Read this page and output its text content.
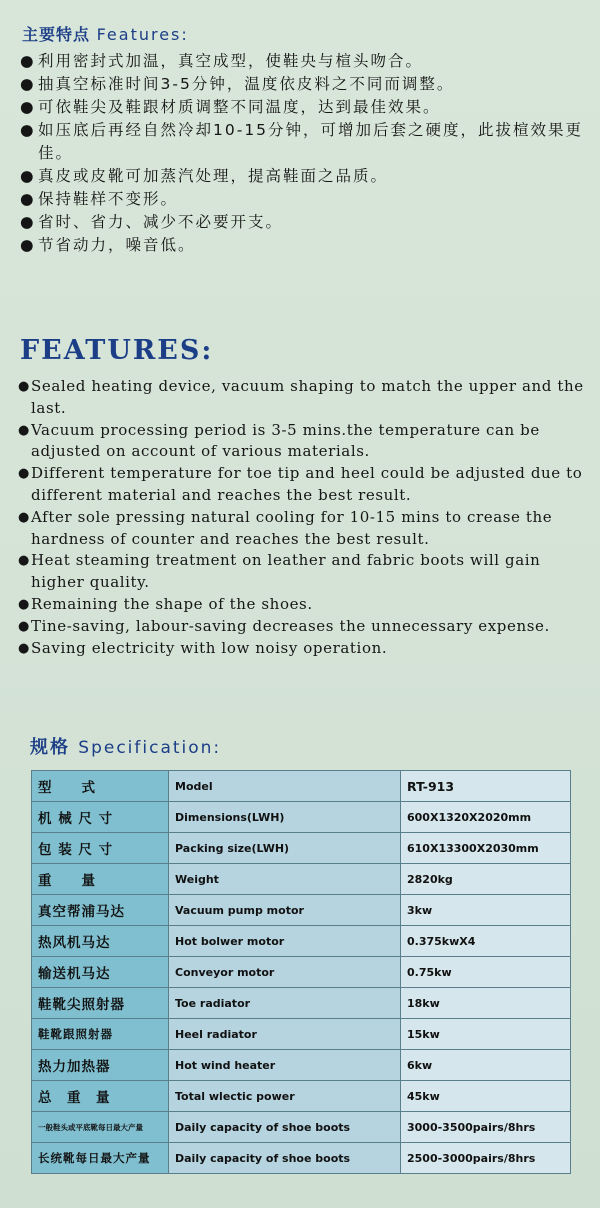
主要特点 Features:
● 利用密封式加温，真空成型，使鞋央与楦头吻合。
● 抽真空标准时间3-5分钟，温度依皮料之不同而调整。
● 可依鞋尖及鞋跟材质调整不同温度，达到最佳效果。
● 如压底后再经自然冷却10-15分钟，可增加后套之硬度，此拔楦效果更佳。
● 真皮或皮靴可加蒸汽处理，提高鞋面之品质。
● 保持鞋样不变形。
● 省时、省力、减少不必要开支。
● 节省动力，噪音低。
FEATURES:
● Sealed heating device, vacuum shaping to match the upper and the last.
● Vacuum processing period is 3-5 mins.the temperature can be adjusted on account of various materials.
● Different temperature for toe tip and heel could be adjusted due to different material and reaches the best result.
● After sole pressing natural cooling for 10-15 mins to crease the hardness of counter and reaches the best result.
● Heat steaming treatment on leather and fabric boots will gain higher quality.
● Remaining the shape of the shoes.
● Tine-saving, labour-saving decreases the unnecessary expense.
● Saving electricity with low noisy operation.
规格 Specification:
型　　式	Model	RT-913
机 械 尺 寸	Dimensions(LWH)	600X1320X2020mm
包 装 尺 寸	Packing size(LWH)	610X13300X2030mm
重　　量	Weight	2820kg
真空帮浦马达	Vacuum pump motor	3kw
热风机马达	Hot bolwer motor	0.375kwX4
输送机马达	Conveyor motor	0.75kw
鞋靴尖照射器	Toe radiator	18kw
鞋靴跟照射器	Heel radiator	15kw
热力加热器	Hot wind heater	6kw
总　重　量	Total wlectic power	45kw
一般鞋头或平底靴每日最大产量	Daily capacity of shoe boots	3000-3500pairs/8hrs
长统靴每日最大产量	Daily capacity of shoe boots	2500-3000pairs/8hrs
